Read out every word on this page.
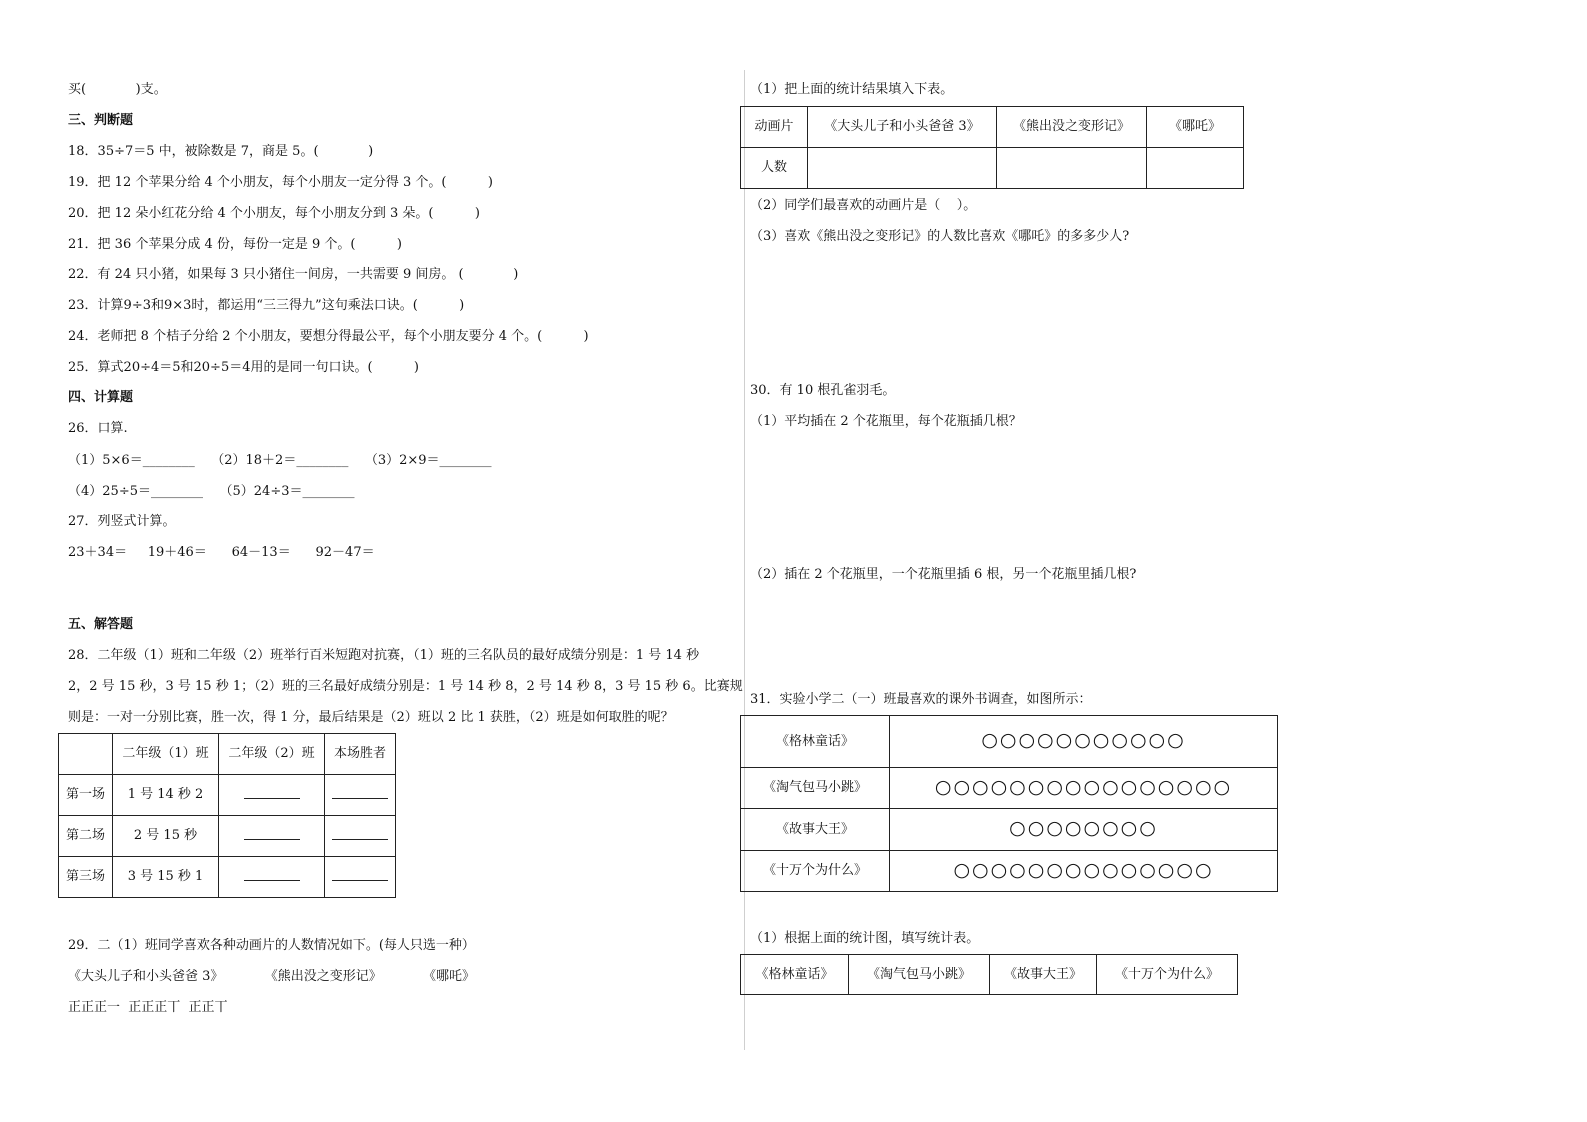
买(            )支。
三、判断题
18．35÷7＝5 中，被除数是 7，商是 5。(            )
19．把 12 个苹果分给 4 个小朋友，每个小朋友一定分得 3 个。(          )
20．把 12 朵小红花分给 4 个小朋友，每个小朋友分到 3 朵。(          )
21．把 36 个苹果分成 4 份，每份一定是 9 个。(          )
22．有 24 只小猪，如果每 3 只小猪住一间房，一共需要 9 间房。 (            )
23．计算9÷3和9×3时，都运用“三三得九”这句乘法口诀。(          )
24．老师把 8 个桔子分给 2 个小朋友，要想分得最公平，每个小朋友要分 4 个。(          )
25．算式20÷4＝5和20÷5＝4用的是同一句口诀。(          )
四、计算题
26．口算.
（1）5×6＝________    （2）18＋2＝________    （3）2×9＝________
（4）25÷5＝________    （5）24÷3＝________
27．列竖式计算。
23＋34＝     19＋46＝      64－13＝      92－47＝
五、解答题
28．二年级（1）班和二年级（2）班举行百米短跑对抗赛，（1）班的三名队员的最好成绩分别是：1 号 14 秒
2，2 号 15 秒，3 号 15 秒 1；（2）班的三名最好成绩分别是：1 号 14 秒 8，2 号 14 秒 8，3 号 15 秒 6。比赛规
则是：一对一分别比赛，胜一次，得 1 分，最后结果是（2）班以 2 比 1 获胜，（2）班是如何取胜的呢？
	二年级（1）班	二年级（2）班	本场胜者
第一场	1 号 14 秒 2		
第二场	2 号 15 秒		
第三场	3 号 15 秒 1		
29．二（1）班同学喜欢各种动画片的人数情况如下。(每人只选一种）
《大头儿子和小头爸爸 3》          《熊出没之变形记》          《哪吒》
正正正一  正正正丅  正正丅
（1）把上面的统计结果填入下表。
动画片	《大头儿子和小头爸爸 3》	《熊出没之变形记》	《哪吒》
人数			
（2）同学们最喜欢的动画片是（    ）。
（3）喜欢《熊出没之变形记》的人数比喜欢《哪吒》的多多少人?
30．有 10 根孔雀羽毛。
（1）平均插在 2 个花瓶里，每个花瓶插几根？
（2）插在 2 个花瓶里，一个花瓶里插 6 根，另一个花瓶里插几根?
31．实验小学二（一）班最喜欢的课外书调查，如图所示：
《格林童话》	○○○○○○○○○○○
《淘气包马小跳》	○○○○○○○○○○○○○○○○
《故事大王》	○○○○○○○○
《十万个为什么》	○○○○○○○○○○○○○○
（1）根据上面的统计图，填写统计表。
《格林童话》	《淘气包马小跳》	《故事大王》	《十万个为什么》
